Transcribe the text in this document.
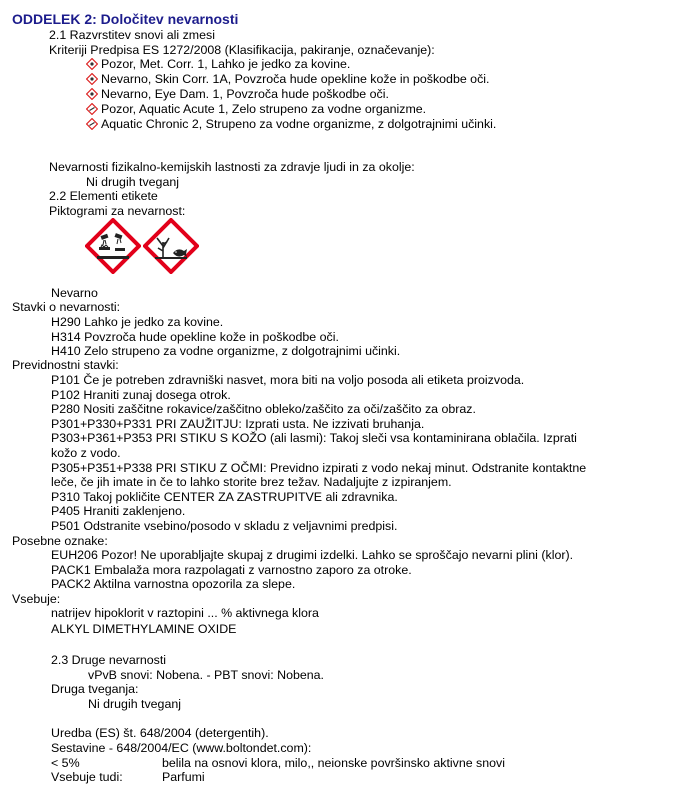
ODDELEK 2: Določitev nevarnosti
2.1 Razvrstitev snovi ali zmesi
Kriteriji Predpisa ES 1272/2008 (Klasifikacija, pakiranje, označevanje):
Pozor, Met. Corr. 1, Lahko je jedko za kovine.
Nevarno, Skin Corr. 1A, Povzroča hude opekline kože in poškodbe oči.
Nevarno, Eye Dam. 1, Povzroča hude poškodbe oči.
Pozor, Aquatic Acute 1, Zelo strupeno za vodne organizme.
Aquatic Chronic 2, Strupeno za vodne organizme, z dolgotrajnimi učinki.
Nevarnosti fizikalno-kemijskih lastnosti za zdravje ljudi in za okolje:
Ni drugih tveganj
2.2 Elementi etikete
Piktogrami za nevarnost:
Nevarno
Stavki o nevarnosti:
H290 Lahko je jedko za kovine.
H314 Povzroča hude opekline kože in poškodbe oči.
H410 Zelo strupeno za vodne organizme, z dolgotrajnimi učinki.
Previdnostni stavki:
P101 Če je potreben zdravniški nasvet, mora biti na voljo posoda ali etiketa proizvoda.
P102 Hraniti zunaj dosega otrok.
P280 Nositi zaščitne rokavice/zaščitno obleko/zaščito za oči/zaščito za obraz.
P301+P330+P331 PRI ZAUŽITJU: Izprati usta. Ne izzivati bruhanja.
P303+P361+P353 PRI STIKU S KOŽO (ali lasmi): Takoj sleči vsa kontaminirana oblačila. Izprati
kožo z vodo.
P305+P351+P338 PRI STIKU Z OČMI: Previdno izpirati z vodo nekaj minut. Odstranite kontaktne
leče, če jih imate in če to lahko storite brez težav. Nadaljujte z izpiranjem.
P310 Takoj pokličite CENTER ZA ZASTRUPITVE ali zdravnika.
P405 Hraniti zaklenjeno.
P501 Odstranite vsebino/posodo v skladu z veljavnimi predpisi.
Posebne oznake:
EUH206 Pozor! Ne uporabljajte skupaj z drugimi izdelki. Lahko se sproščajo nevarni plini (klor).
PACK1 Embalaža mora razpolagati z varnostno zaporo za otroke.
PACK2 Aktilna varnostna opozorila za slepe.
Vsebuje:
natrijev hipoklorit v raztopini ... % aktivnega klora
ALKYL DIMETHYLAMINE OXIDE
2.3 Druge nevarnosti
vPvB snovi: Nobena. - PBT snovi: Nobena.
Druga tveganja:
Ni drugih tveganj
Uredba (ES) št. 648/2004 (detergentih).
Sestavine - 648/2004/EC (www.boltondet.com):
< 5%	belila na osnovi klora, milo,, neionske površinsko aktivne snovi
Vsebuje tudi:	Parfumi
